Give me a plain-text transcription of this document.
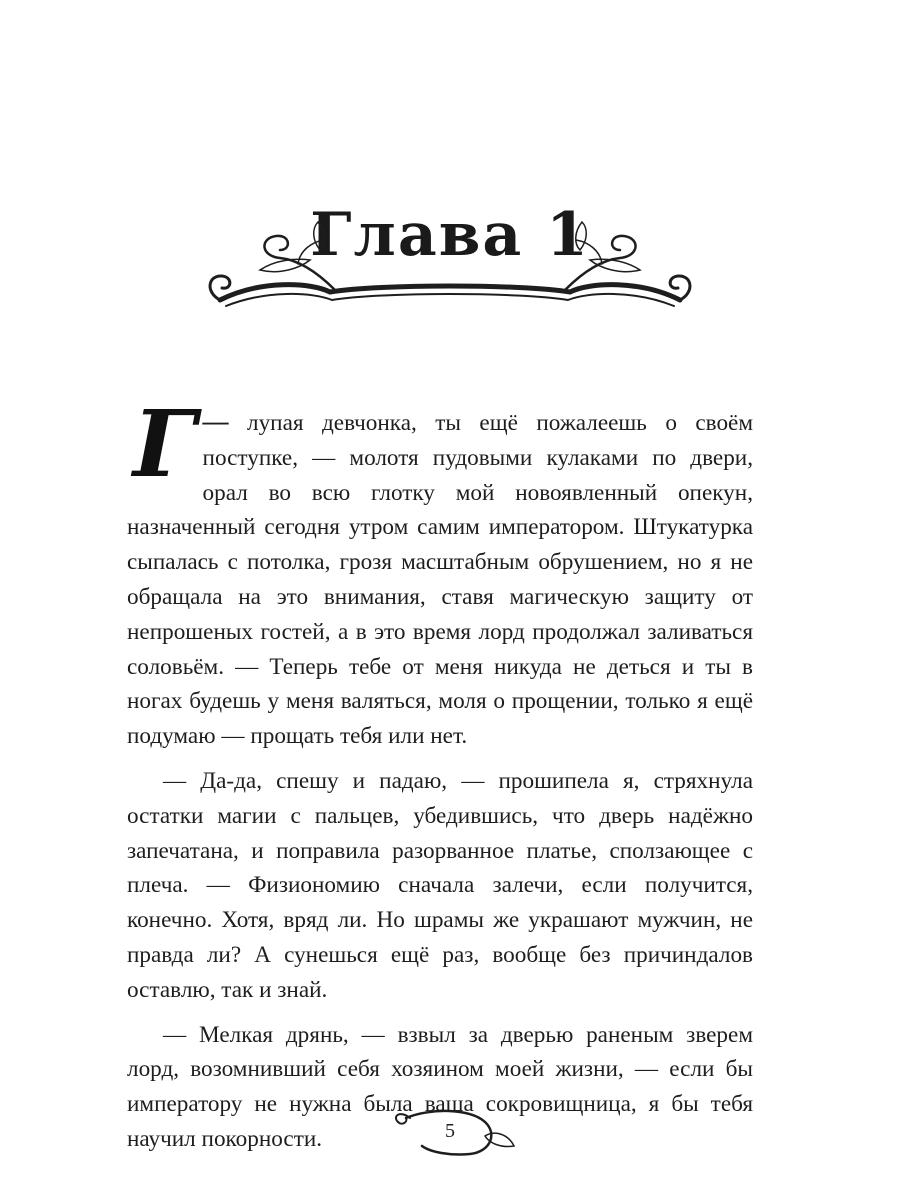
Глава 1

—
Г лупая девчонка, ты ещё пожалеешь о своём поступке, — молотя пудовыми кулаками по двери, орал во всю глотку мой новоявленный опекун, назначенный сегодня утром самим императором. Штукатурка сыпалась с потолка, грозя масштабным обрушением, но я не обращала на это внимания, ставя магическую защиту от непрошеных гостей, а в это время лорд продолжал заливаться соловьём. — Теперь тебе от меня никуда не деться и ты в ногах будешь у меня валяться, моля о прощении, только я ещё подумаю — прощать тебя или нет.

— Да-да, спешу и падаю, — прошипела я, стряхнула остатки магии с пальцев, убедившись, что дверь надёжно запечатана, и поправила разорванное платье, сползающее с плеча. — Физиономию сначала залечи, если получится, конечно. Хотя, вряд ли. Но шрамы же украшают мужчин, не правда ли? А сунешься ещё раз, вообще без причиндалов оставлю, так и знай.

— Мелкая дрянь, — взвыл за дверью раненым зверем лорд, возомнивший себя хозяином моей жизни, — если бы императору не нужна была ваша сокровищница, я бы тебя научил покорности.	5
